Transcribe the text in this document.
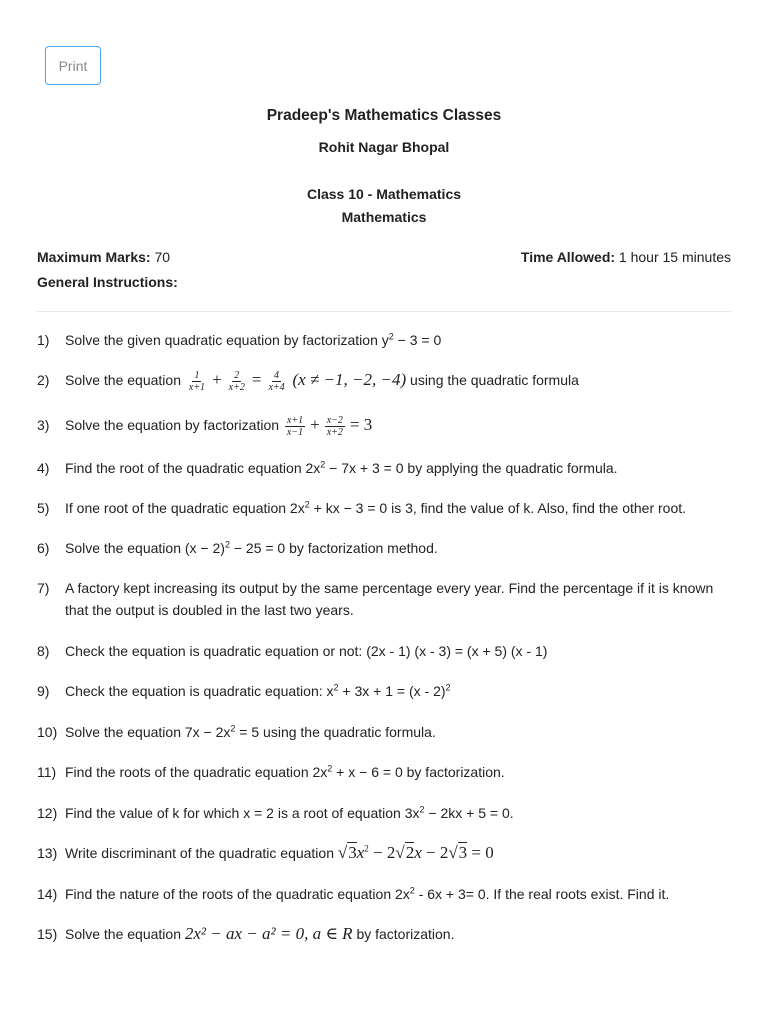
Print
Pradeep's Mathematics Classes
Rohit Nagar Bhopal
Class 10 - Mathematics
Mathematics
Maximum Marks: 70	Time Allowed: 1 hour 15 minutes
General Instructions:
1)	Solve the given quadratic equation by factorization $y^2 - 3 = 0$
2)	Solve the equation $\frac{1}{x+1} + \frac{2}{x+2} = \frac{4}{x+4} (x \ne -1$, −2, −4) using the quadratic formula
3)	Solve the equation by factorization $\frac{x+1}{x-1} + \frac{x-2}{x+2} = 3$
4)	Find the root of the quadratic equation $2x^2 - 7x + 3 = 0$ by applying the quadratic formula.
5)	If one root of the quadratic equation $2x^2$ + kx − 3 = 0 is 3, find the value of k. Also, find the other root.
6)	Solve the equation $(x - 2)^2 - 25 = 0$ by factorization method.
7)	A factory kept increasing its output by the same percentage every year. Find the percentage if it is known that the output is doubled in the last two years.
8)	Check the equation is quadratic equation or not: (2x - 1) (x - 3) = (x + 5) (x - 1)
9)	Check the equation is quadratic equation: $x^2 + 3x + 1 = (x - 2)^2$
10) Solve the equation $7x - 2x^2 = 5$ using the quadratic formula.
11) Find the roots of the quadratic equation $2x^2 + x - 6 = 0$ by factorization.
12) Find the value of k for which x = 2 is a root of equation $3x^2 - 2kx + 5 = 0$.
13) Write discriminant of the quadratic equation $√3x^2 - 2√2x - 2√3 = 0$
14) Find the nature of the roots of the quadratic equation $2x^2 - 6x + 3= 0$. If the real roots exist. Find it.
15) Solve the equation 2x² − ax − a² = 0, a ∈ R by factorization.
